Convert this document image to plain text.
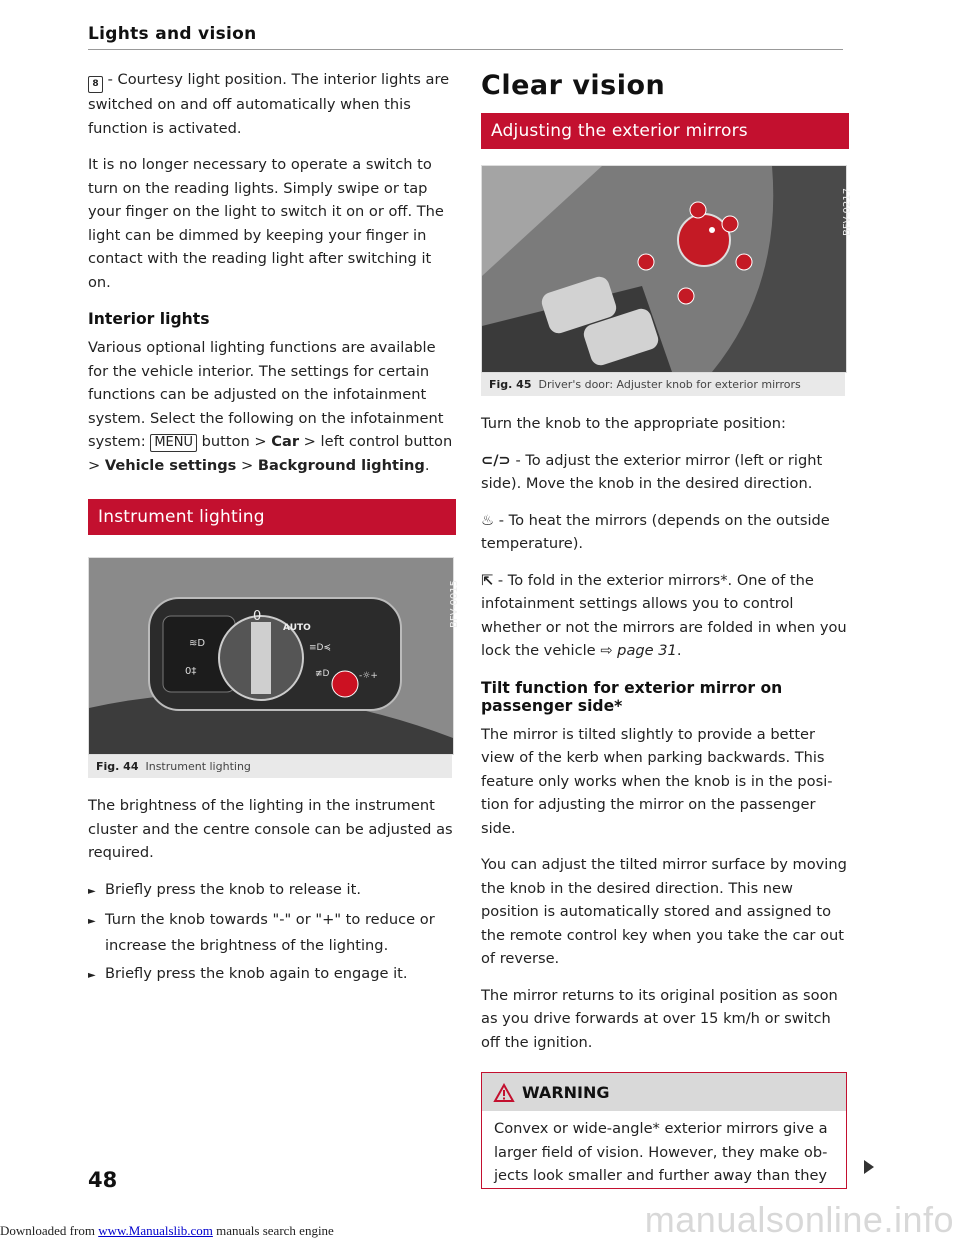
Lights and vision

8 - Courtesy light position. The interior lights are switched on and off automatically when this function is activated.

It is no longer necessary to operate a switch to turn on the reading lights. Simply swipe or tap your finger on the light to switch it on or off. The light can be dimmed by keeping your finger in contact with the reading light after switching it on.

Interior lights

Various optional lighting functions are available for the vehicle interior. The settings for certain functions can be adjusted on the infotainment system. Select the following on the infotainment system: MENU button > Car > left control button > Vehicle settings > Background lighting.

Instrument lighting
BFV-0015
0
AUTO
≋D
0‡
≡D≼
≢D	-☼+
Fig. 44 Instrument lighting

The brightness of the lighting in the instrument cluster and the centre console can be adjusted as required.

► Briefly press the knob to release it.
► Turn the knob towards "-" or "+" to reduce or increase the brightness of the lighting.
► Briefly press the knob again to engage it.
Clear vision
Adjusting the exterior mirrors
BFV-0217
Fig. 45 Driver's door: Adjuster knob for exterior mirrors

Turn the knob to the appropriate position:

⊂/⊃ - To adjust the exterior mirror (left or right side). Move the knob in the desired direction.

♨ - To heat the mirrors (depends on the outside temperature).

⇱ - To fold in the exterior mirrors*. One of the infotainment settings allows you to control whether or not the mirrors are folded in when you lock the vehicle ⇨ page 31.

Tilt function for exterior mirror on passenger side*

The mirror is tilted slightly to provide a better view of the kerb when parking backwards. This feature only works when the knob is in the position for adjusting the mirror on the passenger side.

You can adjust the tilted mirror surface by moving the knob in the desired direction. This new position is automatically stored and assigned to the remote control key when you take the car out of reverse.

The mirror returns to its original position as soon as you drive forwards at over 15 km/h or switch off the ignition.

WARNING
Convex or wide-angle* exterior mirrors give a larger field of vision. However, they make objects look smaller and further away than they
48
Downloaded from www.Manualslib.com manuals search engine	manualsonline.info
